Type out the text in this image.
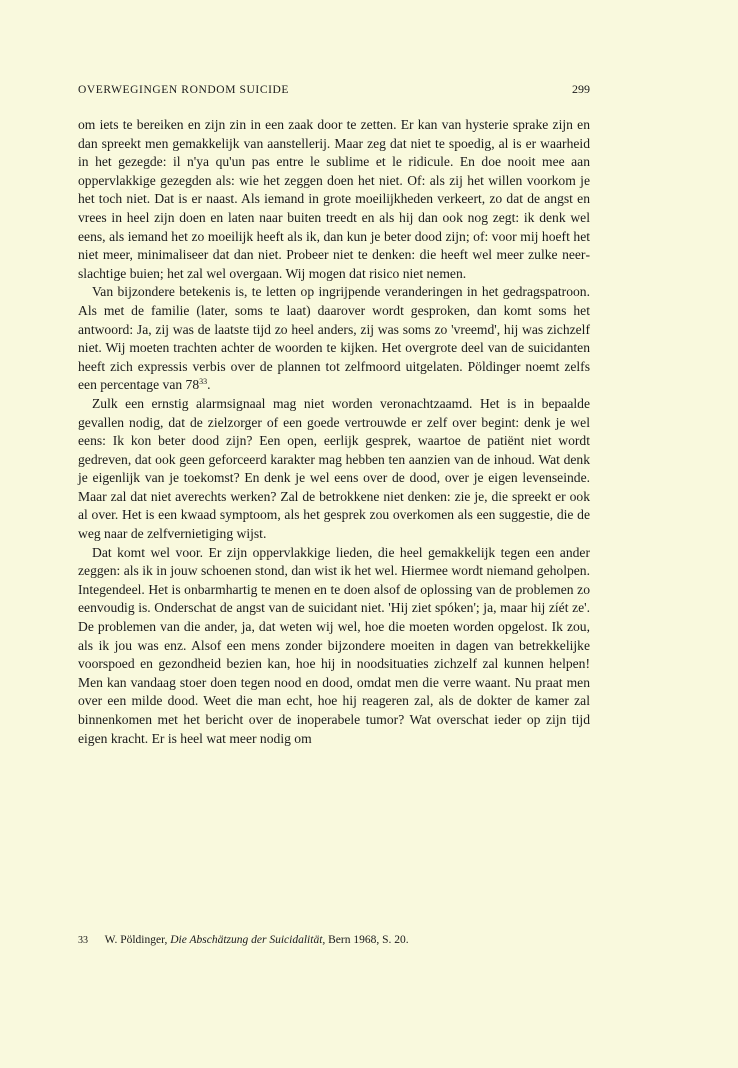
OVERWEGINGEN RONDOM SUICIDE	299

om iets te bereiken en zijn zin in een zaak door te zetten. Er kan van hysterie sprake zijn en dan spreekt men gemakkelijk van aanstellerij. Maar zeg dat niet te spoedig, al is er waarheid in het gezegde: il n'ya qu'un pas entre le sublime et le ridicule. En doe nooit mee aan oppervlakkige gezegden als: wie het zeggen doen het niet. Of: als zij het willen voorkom je het toch niet. Dat is er naast. Als iemand in grote moeilijkheden verkeert, zo dat de angst en vrees in heel zijn doen en laten naar buiten treedt en als hij dan ook nog zegt: ik denk wel eens, als iemand het zo moeilijk heeft als ik, dan kun je beter dood zijn; of: voor mij hoeft het niet meer, minimaliseer dat dan niet. Probeer niet te denken: die heeft wel meer zulke neerslachtige buien; het zal wel overgaan. Wij mogen dat risico niet nemen.

Van bijzondere betekenis is, te letten op ingrijpende veranderingen in het gedragspatroon. Als met de familie (later, soms te laat) daarover wordt gesproken, dan komt soms het antwoord: Ja, zij was de laatste tijd zo heel anders, zij was soms zo 'vreemd', hij was zichzelf niet. Wij moeten trachten achter de woorden te kijken. Het overgrote deel van de suicidanten heeft zich expressis verbis over de plannen tot zelfmoord uitgelaten. Pöldinger noemt zelfs een percentage van 78$^{33}$.

Zulk een ernstig alarmsignaal mag niet worden veronachtzaamd. Het is in bepaalde gevallen nodig, dat de zielzorger of een goede vertrouwde er zelf over begint: denk je wel eens: Ik kon beter dood zijn? Een open, eerlijk gesprek, waartoe de patiënt niet wordt gedreven, dat ook geen geforceerd karakter mag hebben ten aanzien van de inhoud. Wat denk je eigenlijk van je toekomst? En denk je wel eens over de dood, over je eigen levenseinde. Maar zal dat niet averechts werken? Zal de betrokkene niet denken: zie je, die spreekt er ook al over. Het is een kwaad symptoom, als het gesprek zou overkomen als een suggestie, die de weg naar de zelfvernietiging wijst.

Dat komt wel voor. Er zijn oppervlakkige lieden, die heel gemakkelijk tegen een ander zeggen: als ik in jouw schoenen stond, dan wist ik het wel. Hiermee wordt niemand geholpen. Integendeel. Het is onbarmhartig te menen en te doen alsof de oplossing van de problemen zo eenvoudig is. Onderschat de angst van de suicidant niet. 'Hij ziet spóken'; ja, maar hij zíét ze'. De problemen van die ander, ja, dat weten wij wel, hoe die moeten worden opgelost. Ik zou, als ik jou was enz. Alsof een mens zonder bijzondere moeiten in dagen van betrekkelijke voorspoed en gezondheid bezien kan, hoe hij in noodsituaties zichzelf zal kunnen helpen! Men kan vandaag stoer doen tegen nood en dood, omdat men die verre waant. Nu praat men over een milde dood. Weet die man echt, hoe hij reageren zal, als de dokter de kamer zal binnenkomen met het bericht over de inoperabele tumor? Wat overschat ieder op zijn tijd eigen kracht. Er is heel wat meer nodig om

33 W. Pöldinger, Die Abschätzung der Suicidalität, Bern 1968, S. 20.
